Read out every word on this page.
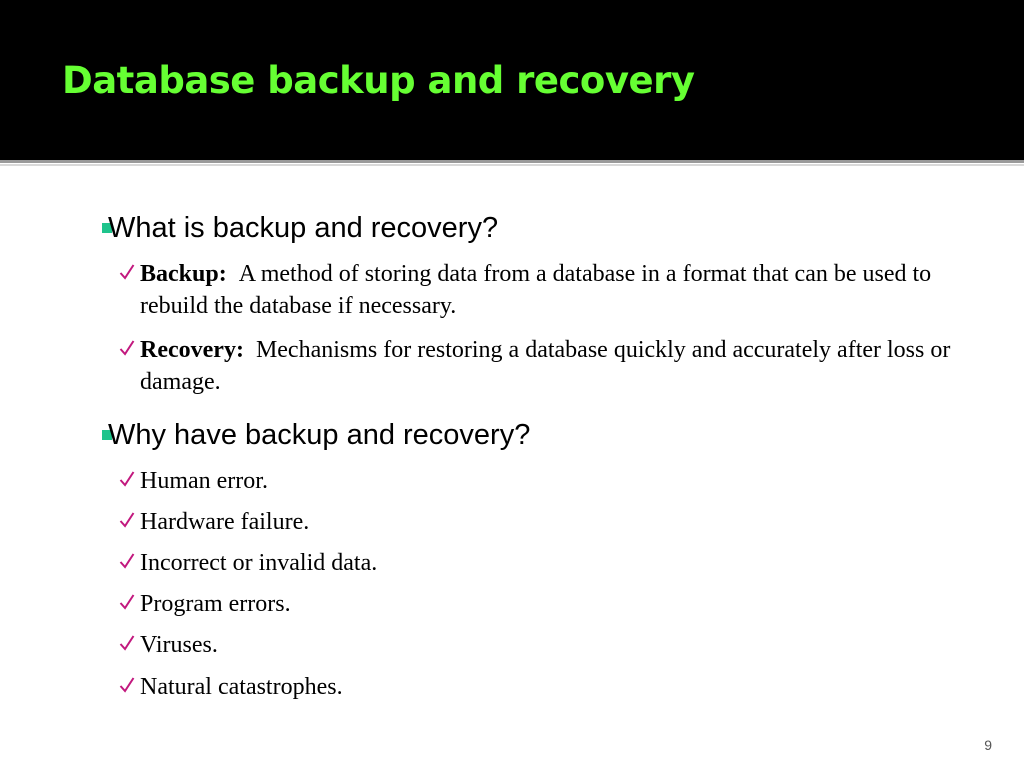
Database backup and recovery
What is backup and recovery?
Backup: A method of storing data from a database in a format that can be used to rebuild the database if necessary.
Recovery: Mechanisms for restoring a database quickly and accurately after loss or damage.
Why have backup and recovery?
Human error.
Hardware failure.
Incorrect or invalid data.
Program errors.
Viruses.
Natural catastrophes.
9
